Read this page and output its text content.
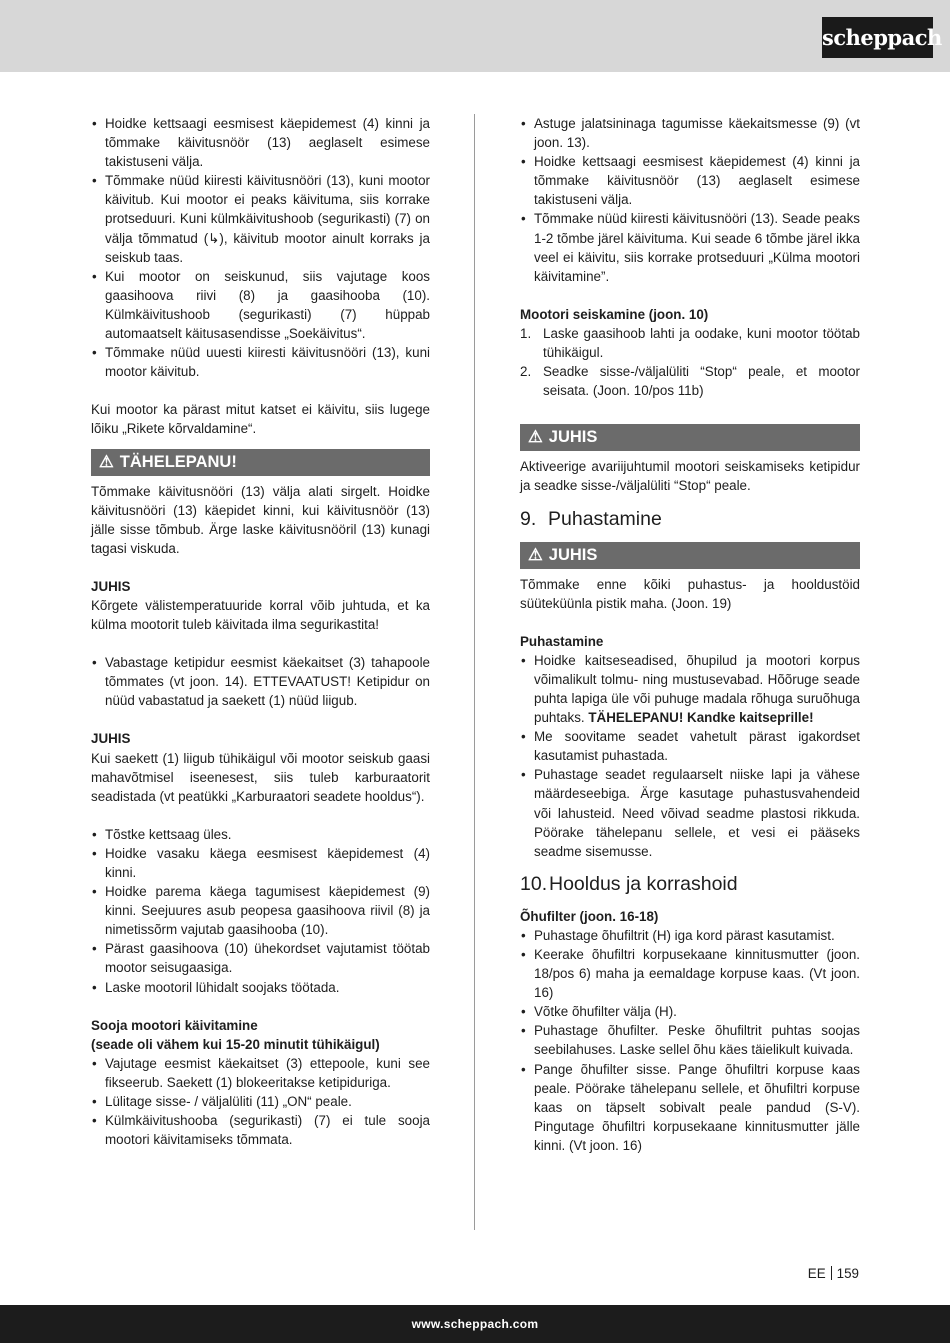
scheppach
• Hoidke kettsaagi eesmisest käepidemest (4) kinni ja tõmmake käivitusnöör (13) aeglaselt esimese takistuseni välja.
• Tõmmake nüüd kiiresti käivitusnööri (13), kuni mootor käivitub. Kui mootor ei peaks käivituma, siis korrake protseduuri. Kuni külmkäivitushoob (segurikasti) (7) on välja tõmmatud (↳), käivitub mootor ainult korraks ja seiskub taas.
• Kui mootor on seiskunud, siis vajutage koos gaasihoova riivi (8) ja gaasihooba (10). Külmkäivitushoob (segurikasti) (7) hüppab automaatselt käitusasendisse „Soekäivitus“.
• Tõmmake nüüd uuesti kiiresti käivitusnööri (13), kuni mootor käivitub.

Kui mootor ka pärast mitut katset ei käivitu, siis lugege lõiku „Rikete kõrvaldamine“.

⚠ TÄHELEPANU!

Tõmmake käivitusnööri (13) välja alati sirgelt. Hoidke käivitusnööri (13) käepidet kinni, kui käivitusnöör (13) jälle sisse tõmbub. Ärge laske käivitusnööril (13) kunagi tagasi viskuda.

JUHIS

Kõrgete välistemperatuuride korral võib juhtuda, et ka külma mootorit tuleb käivitada ilma segurikastita!

• Vabastage ketipidur eesmist käekaitset (3) tahapoole tõmmates (vt joon. 14). ETTEVAATUST! Ketipidur on nüüd vabastatud ja saekett (1) nüüd liigub.

JUHIS

Kui saekett (1) liigub tühikäigul või mootor seiskub gaasi mahavõtmisel iseenesest, siis tuleb karburaatorit seadistada (vt peatükki „Karburaatori seadete hooldus“).

• Tõstke kettsaag üles.
• Hoidke vasaku käega eesmisest käepidemest (4) kinni.
• Hoidke parema käega tagumisest käepidemest (9) kinni. Seejuures asub peopesa gaasihoova riivil (8) ja nimetissõrm vajutab gaasihooba (10).
• Pärast gaasihoova (10) ühekordset vajutamist töötab mootor seisugaasiga.
• Laske mootoril lühidalt soojaks töötada.

Sooja mootori käivitamine

(seade oli vähem kui 15-20 minutit tühikäigul)

• Vajutage eesmist käekaitset (3) ettepoole, kuni see fikseerub. Saekett (1) blokeeritakse ketipiduriga.
• Lülitage sisse- / väljalüliti (11) „ON“ peale.
• Külmkäivitushooba (segurikasti) (7) ei tule sooja mootori käivitamiseks tõmmata.
• Astuge jalatsininaga tagumisse käekaitsmesse (9) (vt joon. 13).
• Hoidke kettsaagi eesmisest käepidemest (4) kinni ja tõmmake käivitusnöör (13) aeglaselt esimese takistuseni välja.
• Tõmmake nüüd kiiresti käivitusnööri (13). Seade peaks 1-2 tõmbe järel käivituma. Kui seade 6 tõmbe järel ikka veel ei käivitu, siis korrake protseduuri „Külma mootori käivitamine”.

Mootori seiskamine (joon. 10)

1. Laske gaasihoob lahti ja oodake, kuni mootor töötab tühikäigul.
2. Seadke sisse-/väljalüliti “Stop“ peale, et mootor seisata. (Joon. 10/pos 11b)
⚠ JUHIS

Aktiveerige avariijuhtumil mootori seiskamiseks ketipidur ja seadke sisse-/väljalüliti “Stop“ peale.

9. Puhastamine
⚠ JUHIS

Tõmmake enne kõiki puhastus- ja hooldustöid süüteküünla pistik maha. (Joon. 19)

Puhastamine

• Hoidke kaitseseadised, õhupilud ja mootori korpus võimalikult tolmu- ning mustusevabad. Hõõruge seade puhta lapiga üle või puhuge madala rõhuga suruõhuga puhtaks. TÄHELEPANU! Kandke kaitseprille!
• Me soovitame seadet vahetult pärast igakordset kasutamist puhastada.
• Puhastage seadet regulaarselt niiske lapi ja vähese määrdeseebiga. Ärge kasutage puhastusvahendeid või lahusteid. Need võivad seadme plastosi rikkuda. Pöörake tähelepanu sellele, et vesi ei pääseks seadme sisemusse.
10.Hooldus ja korrashoid

Õhufilter (joon. 16-18)

• Puhastage õhufiltrit (H) iga kord pärast kasutamist.
• Keerake õhufiltri korpusekaane kinnitusmutter (joon. 18/pos 6) maha ja eemaldage korpuse kaas. (Vt joon. 16)
• Võtke õhufilter välja (H).
• Puhastage õhufilter. Peske õhufiltrit puhtas soojas seebilahuses. Laske sellel õhu käes täielikult kuivada.
• Pange õhufilter sisse. Pange õhufiltri korpuse kaas peale. Pöörake tähelepanu sellele, et õhufiltri korpuse kaas on täpselt sobivalt peale pandud (S-V). Pingutage õhufiltri korpusekaane kinnitusmutter jälle kinni. (Vt joon. 16)
EE 159
www.scheppach.com
